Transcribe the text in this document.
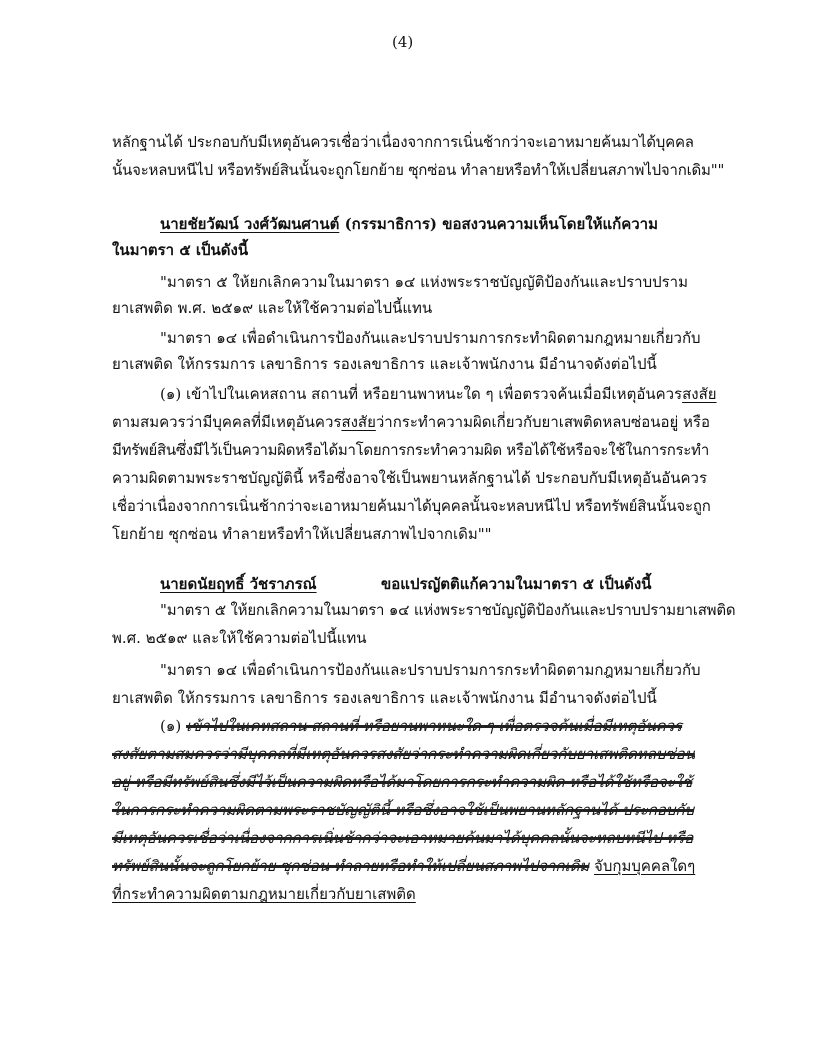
(4)
หลักฐานได้ ประกอบกับมีเหตุอันควรเชื่อว่าเนื่องจากการเนิ่นช้ากว่าจะเอาหมายค้นมาได้บุคคล
นั้นจะหลบหนีไป หรือทรัพย์สินนั้นจะถูกโยกย้าย ซุกซ่อน ทำลายหรือทำให้เปลี่ยนสภาพไปจากเดิม""
นายชัยวัฒน์ วงศ์วัฒนศานต์ (กรรมาธิการ) ขอสงวนความเห็นโดยให้แก้ความ
ในมาตรา ๕ เป็นดังนี้
"มาตรา ๕ ให้ยกเลิกความในมาตรา ๑๔ แห่งพระราชบัญญัติป้องกันและปราบปราม
ยาเสพติด พ.ศ. ๒๕๑๙ และให้ใช้ความต่อไปนี้แทน
"มาตรา ๑๔ เพื่อดำเนินการป้องกันและปราบปรามการกระทำผิดตามกฎหมายเกี่ยวกับ
ยาเสพติด ให้กรรมการ เลขาธิการ รองเลขาธิการ และเจ้าพนักงาน มีอำนาจดังต่อไปนี้
(๑) เข้าไปในเคหสถาน สถานที่ หรือยานพาหนะใด ๆ เพื่อตรวจค้นเมื่อมีเหตุอันควรสงสัย
ตามสมควรว่ามีบุคคลที่มีเหตุอันควรสงสัยว่ากระทำความผิดเกี่ยวกับยาเสพติดหลบซ่อนอยู่ หรือ
มีทรัพย์สินซึ่งมีไว้เป็นความผิดหรือได้มาโดยการกระทำความผิด หรือได้ใช้หรือจะใช้ในการกระทำ
ความผิดตามพระราชบัญญัตินี้ หรือซึ่งอาจใช้เป็นพยานหลักฐานได้ ประกอบกับมีเหตุอันอันควร
เชื่อว่าเนื่องจากการเนิ่นช้ากว่าจะเอาหมายค้นมาได้บุคคลนั้นจะหลบหนีไป หรือทรัพย์สินนั้นจะถูก
โยกย้าย ซุกซ่อน ทำลายหรือทำให้เปลี่ยนสภาพไปจากเดิม""
นายดนัยฤทธิ์ วัชราภรณ์	ขอแปรญัตติแก้ความในมาตรา ๕ เป็นดังนี้
"มาตรา ๕ ให้ยกเลิกความในมาตรา ๑๔ แห่งพระราชบัญญัติป้องกันและปราบปรามยาเสพติด
พ.ศ. ๒๕๑๙ และให้ใช้ความต่อไปนี้แทน
"มาตรา ๑๔ เพื่อดำเนินการป้องกันและปราบปรามการกระทำผิดตามกฎหมายเกี่ยวกับ
ยาเสพติด ให้กรรมการ เลขาธิการ รองเลขาธิการ และเจ้าพนักงาน มีอำนาจดังต่อไปนี้
(๑) เข้าไปในเคหสถาน สถานที่ หรือยานพาหนะใด ๆ เพื่อตรวจค้นเมื่อมีเหตุอันควร
สงสัยตามสมควรว่ามีบุคคลที่มีเหตุอันควรสงสัยว่ากระทำความผิดเกี่ยวกับยาเสพติดหลบซ่อน
อยู่ หรือมีทรัพย์สินซึ่งมีไว้เป็นความผิดหรือได้มาโดยการกระทำความผิด หรือได้ใช้หรือจะใช้
ในการกระทำความผิดตามพระราชบัญญัตินี้ หรือซึ่งอาจใช้เป็นพยานหลักฐานได้ ประกอบกับ
มีเหตุอันควรเชื่อว่าเนื่องจากการเนิ่นช้ากว่าจะเอาหมายค้นมาได้บุคคลนั้นจะหลบหนีไป หรือ
ทรัพย์สินนั้นจะถูกโยกย้าย ซุกซ่อน ทำลายหรือทำให้เปลี่ยนสภาพไปจากเดิม จับกุมบุคคลใดๆ
ที่กระทำความผิดตามกฎหมายเกี่ยวกับยาเสพติด
